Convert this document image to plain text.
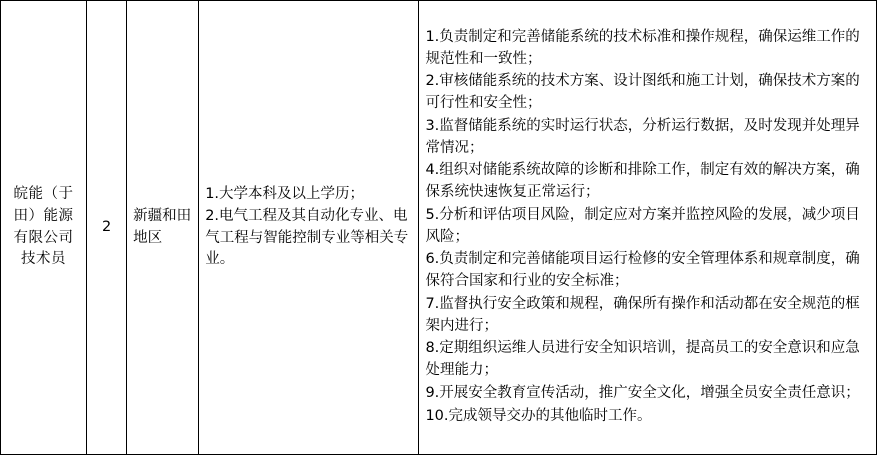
皖能（于田）能源有限公司技术员	2	新疆和田地区	
1.大学本科及以上学历；
2.电气工程及其自动化专业、电气工程与智能控制专业等相关专业。

1.负责制定和完善储能系统的技术标准和操作规程，确保运维工作的规范性和一致性；
2.审核储能系统的技术方案、设计图纸和施工计划，确保技术方案的可行性和安全性；
3.监督储能系统的实时运行状态，分析运行数据，及时发现并处理异常情况；
4.组织对储能系统故障的诊断和排除工作，制定有效的解决方案，确保系统快速恢复正常运行；
5.分析和评估项目风险，制定应对方案并监控风险的发展，减少项目风险；
6.负责制定和完善储能项目运行检修的安全管理体系和规章制度，确保符合国家和行业的安全标准；
7.监督执行安全政策和规程，确保所有操作和活动都在安全规范的框架内进行；
8.定期组织运维人员进行安全知识培训，提高员工的安全意识和应急处理能力；
9.开展安全教育宣传活动，推广安全文化，增强全员安全责任意识；
10.完成领导交办的其他临时工作。
